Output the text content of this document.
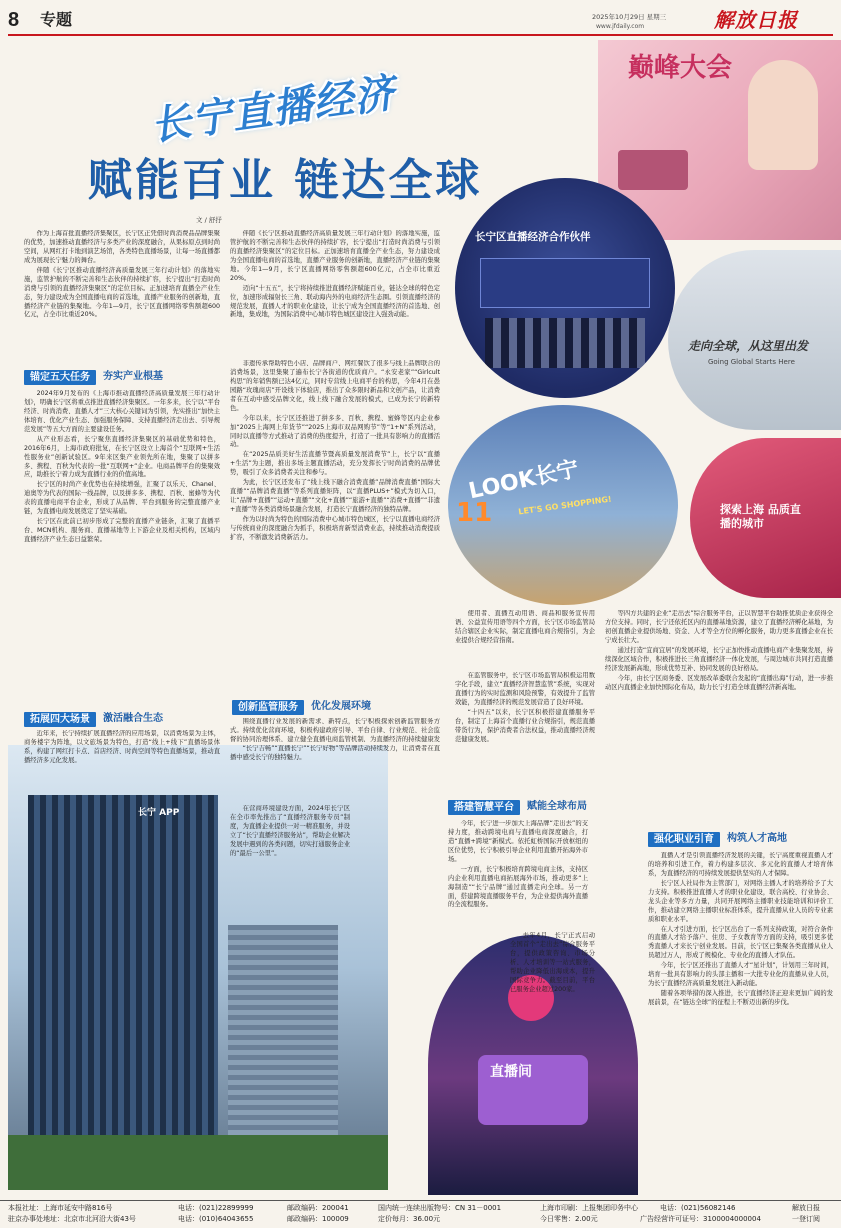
8 专题	2025年10月29日 星期三
www.jfdaily.com	解放日报
长宁直播经济
赋能百业 链达全球
文 / 舒抒
巅峰大会
长宁区直播经济合作伙伴
走向全球，从这里出发
Going Global Starts Here
LOOK长宁
LET'S GO SHOPPING!
11	探索上海 品质直播的城市
长宁 APP
直播间

作为上海首批直播经济集聚区，长宁区正凭借时尚消费品品牌集聚的优势，加速推动直播经济与多类产业的深度融合，从果标原点到时尚空间，从网红打卡地到演艺场馆，各类特色直播场景，让每一场直播都成为展现长宁魅力的舞台。

伴随《长宁区推动直播经济高质量发展三年行动计划》的落地实施，监管护航的不断完善和生态伙伴的持续扩容，长宁提出“打造时尚消费与引领的直播经济集聚区”的定位目标。正加速培育直播全产业生态，努力建设成为全国直播电商的首选地，直播产业服务的创新地，直播经济产业链的集聚地。今年1—9月，长宁区直播网络零售额超600亿元，占全市比重近20%。

伴随《长宁区推动直播经济高质量发展三年行动计划》的落地实施，监管护航的不断完善和生态伙伴的持续扩容，长宁提出“打造时尚消费与引领的直播经济集聚区”的定位目标。正加速培育直播全产业生态，努力建设成为全国直播电商的首选地，直播产业服务的创新地，直播经济产业链的集聚地。今年1—9月，长宁区直播网络零售额超600亿元，占全市比重近20%。

迈向“十五五”，长宁将持续推进直播经济赋能百业，链达全球的特色定位，加速形成辐射长三角、联动海内外的电商经济生态圈。引领直播经济的规范发展，直播人才的职业化建设，让长宁成为全国直播经济的首选地、创新地，集成地，为国际消费中心城市特色城区建设注入强劲动能。

锚定五大任务	夯实产业根基

2024年9月发布的《上海市推动直播经济高质量发展三年行动计划》，明确长宁区将重点推进直播经济集聚区。一年多来，长宁以“平台经济、时尚消费、直播人才”三大核心关键词为引领，先实推出“加快主体培育、优化产业生态、加强服务保障、支持直播经济走出去、引导规范发展”等五大方面的主要建设任务。

从产业形态看，长宁聚焦直播经济集聚区的基础优势和特色，2016年6月，上海市政府批复，在长宁区设立上海首个“互联网+生活性服务业”创新试验区。9年来区集产业领先所在地，集聚了以拼多多、携程、百秋为代表的一批“互联网+”企业。电商品牌平台的集聚效应，助推长宁着力成为直播行业的价值高地。

长宁区的时尚产业优势也在持续增强，汇聚了以乐天、Chanel、迪奥等为代表的国际一线品牌，以及拼多多、携程、百秋、蜜蜂等为代表的直播电商平台企业，形成了从品牌、平台到服务的完整直播产业链，为直播电商发展奠定了坚实基础。

长宁区在此前已初步形成了完整的直播产业链条，汇聚了直播平台、MCN机构、服务商、直播基地等上下游企业及相关机构，区域内直播经济产业生态日益繁荣。

拓展四大场景	激活融合生态

近年来，长宁持续扩展直播经济的应用场景，以消费场景为主体，商务楼宇为阵地，以文旅场景为特色，打造“线上+线下”直播场景体系，构建了网红打卡点、首店经济、时尚空间等特色直播场景，推动直播经济多元化发展。

“长宁吉畅”“直播长宁”“长宁好物”等品牌活动持续发力，让消费者在直播中感受长宁的独特魅力。

非遗传承帮助特色小店、品牌商户、网红餐饮了很多与线上品牌联合的消费场景，这里集聚了遍布长宁各街道的优质商户。“永安老家”“Girlcult 构思”的年销售额已达4亿元，同时专营线上电商平台的构思，今年4月在愚园路“玫瑰商店”开设线下体验店，推出了众多限时新品和文创产品，让消费者在互动中感受品牌文化，线上线下融合发展的模式，已成为长宁的新特色。

今年以来，长宁区还推进了拼多多、百秋、携程、蜜蜂等区内企业参加“2025上海网上年货节”“2025上海市双品网购节”等“1+N”系列活动，同时以直播等方式推动了消费的热度提升，打造了一批具有影响力的直播活动。

在“2025品质美好生活直播节暨高质量发展消费节”上，长宁以“直播+生活”为主题，推出多场主题直播活动，充分发挥长宁时尚消费的品牌优势，吸引了众多消费者关注和参与。

为此，长宁区还发布了“线上线下融合消费直播”品牌消费直播“国际大直播”“品牌消费直播”等系列直播矩阵，以“直播PLUS+”模式为切入口，让“品牌+直播”“运动+直播”“文化+直播”“旅游+直播”“消费+直播”“非遗+直播”等各类消费场景融合发展，打造长宁直播经济的独特品牌。

作为以时尚为特色的国际消费中心城市特色城区，长宁以直播电商经济与传统商业的深度融合为抓手，积极培育新型消费业态，持续推动消费提质扩容，不断激发消费新活力。

创新监管服务	优化发展环境

在营商环境建设方面，2024年长宁区在全市率先推出了“直播经济服务专员”制度，为直播企业提供一对一精准服务，并设立了“长宁直播经济服务站”，帮助企业解决发展中遇到的各类问题，切实打通服务企业的“最后一公里”。

围绕直播行业发展的新需求、新特点，长宁积极探索创新监管服务方式。持续优化营商环境，积极构建政府引导、平台自律、行业规范、社会监督的协同治理体系，建立健全直播电商监管机制，为直播经济的持续健康发

使用者、直播互动用语、商品和服务宣传用语、公益宣传用语等四个方面，长宁区市场监管局结合辖区企业实际，制定直播电商合规指引，为企业提供合规经营指南。

在监管服务中，长宁区市场监管局积极运用数字化手段，建立“直播经济智慧监管”系统，实现对直播行为的实时监测和风险预警，有效提升了监管效能，为直播经济的规范发展营造了良好环境。

“十四五”以来，长宁区积极搭建直播服务平台，制定了上海首个直播行业合规指引，规范直播带货行为，保护消费者合法权益，推动直播经济规范健康发展。

搭建智慧平台	赋能全球布局

今年，长宁进一步加大上海品牌“走出去”的支持力度，推动跨境电商与直播电商深度融合，打造“直播+跨境”新模式。依托虹桥国际开放枢纽的区位优势，长宁积极引导企业利用直播开拓海外市场。

一方面，长宁积极培育跨境电商主体，支持区内企业利用直播电商拓展海外市场，推动更多“上海制造”“长宁品牌”通过直播走向全球。另一方面，搭建跨境直播服务平台，为企业提供海外直播的全流程服务。

去年4月，长宁正式启动全国首个“走出去”综合服务平台，提供政策咨询、市场分析、人才培训等一站式服务，帮助企业降低出海成本，提升国际竞争力。截至目前，平台已服务企业超过200家。

等四方共建的企业“走出去”综合服务平台，正以智慧平台助推优质企业获得全方位支持。同时，长宁还依托区内的直播基地资源，建立了直播经济孵化基地，为初创直播企业提供场地、资金、人才等全方位的孵化服务，助力更多直播企业在长宁成长壮大。

通过打造“宜商宜居”的发展环境，长宁正加快推动直播电商产业集聚发展，持续深化区域合作，积极推进长三角直播经济一体化发展，与周边城市共同打造直播经济发展新高地，形成优势互补、协同发展的良好格局。

今年，由长宁区商务委、区发展改革委联合发起的“直播出海”行动，进一步推动区内直播企业加快国际化布局，助力长宁打造全球直播经济新高地。

强化职业引育	构筑人才高地

直播人才是引领直播经济发展的关键，长宁高度重视直播人才的培养和引进工作，着力构建多层次、多元化的直播人才培育体系，为直播经济的可持续发展提供坚实的人才保障。

长宁区人社局作为主管部门，对网络主播人才的培养给予了大力支持。积极推进直播人才的职业化建设，联合高校、行业协会、龙头企业等多方力量，共同开展网络主播职业技能培训和评价工作，推动建立网络主播职业标准体系，提升直播从业人员的专业素质和职业水平。

在人才引进方面，长宁区出台了一系列支持政策，对符合条件的直播人才给予落户、住房、子女教育等方面的支持，吸引更多优秀直播人才来长宁创业发展。目前，长宁区已集聚各类直播从业人员超过万人，形成了规模化、专业化的直播人才队伍。

今年，长宁区还推出了直播人才“星计划”，计划用三年时间，培育一批具有影响力的头部主播和一大批专业化的直播从业人员，为长宁直播经济高质量发展注入新动能。

随着各项举措的深入推进，长宁直播经济正迎来更加广阔的发展前景，在“链达全球”的征程上不断迈出新的步伐。

本报社址：上海市延安中路816号
驻京办事处地址：北京市北河沿大街43号
电话：(021)22899999
电话：(010)64043655
邮政编码：200041
邮政编码：100009
国内统一连续出版物号：CN 31－0001
定价每月：36.00元
上海市印刷：上报集团印务中心
今日零售：2.00元
电话：(021)56082146
广告经营许可证号：3100004000004
解放日报
一登订阅
